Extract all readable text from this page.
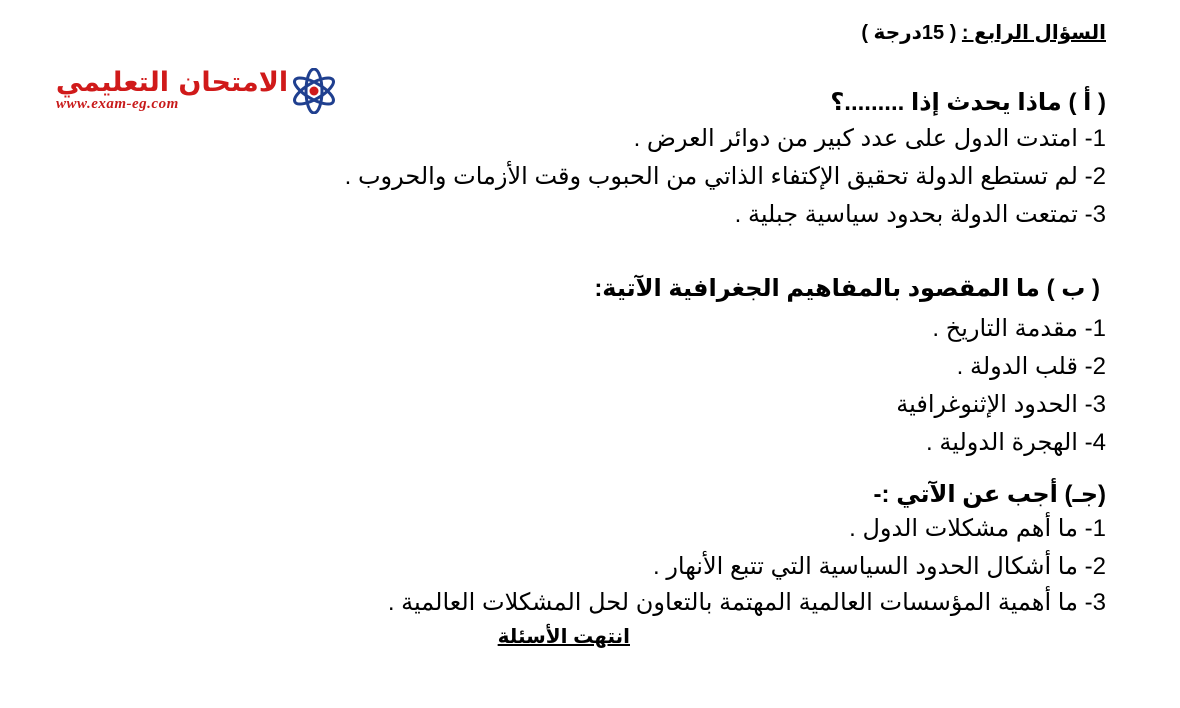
السؤال الرابع : ( 15درجة )
الامتحان التعليمي
www.exam-eg.com	( أ ) ماذا يحدث إذا .........؟
1- امتدت الدول على عدد كبير من دوائر العرض .
2- لم تستطع الدولة تحقيق الإكتفاء الذاتي من الحبوب وقت الأزمات والحروب .
3- تمتعت الدولة بحدود سياسية جبلية .
( ب ) ما المقصود بالمفاهيم الجغرافية الآتية:
1- مقدمة التاريخ .
2- قلب الدولة .
3- الحدود الإثنوغرافية
4- الهجرة الدولية .
(جـ) أجب عن الآتي :-
1- ما أهم مشكلات الدول .
2- ما أشكال الحدود السياسية التي تتبع الأنهار .
3- ما أهمية المؤسسات العالمية المهتمة بالتعاون لحل المشكلات العالمية .
انتهت الأسئلة
